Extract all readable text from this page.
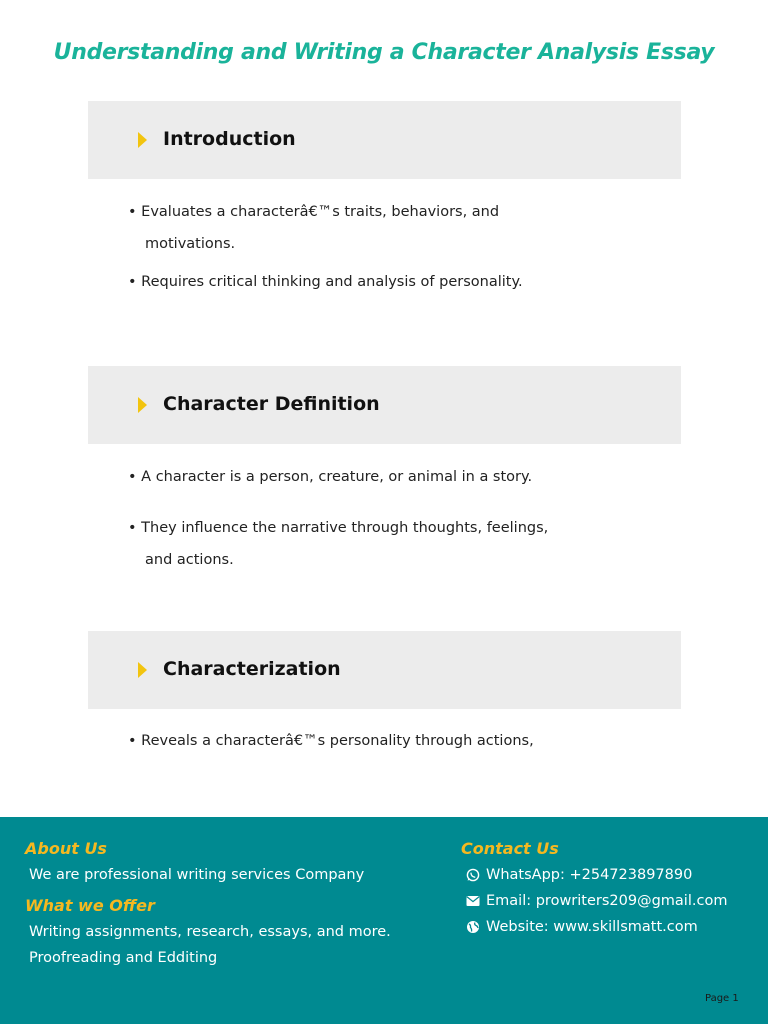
Understanding and Writing a Character Analysis Essay
Introduction
• Evaluates a characterâ€™s traits, behaviors, and
motivations.
• Requires critical thinking and analysis of personality.
Character Definition
• A character is a person, creature, or animal in a story.
• They influence the narrative through thoughts, feelings,
and actions.
Characterization
• Reveals a characterâ€™s personality through actions,
About Us
We are professional writing services Company
What we Offer
Writing assignments, research, essays, and more.
Proofreading and Edditing
Contact Us
WhatsApp: +254723897890
Email: prowriters209@gmail.com
Website: www.skillsmatt.com
Page 1
